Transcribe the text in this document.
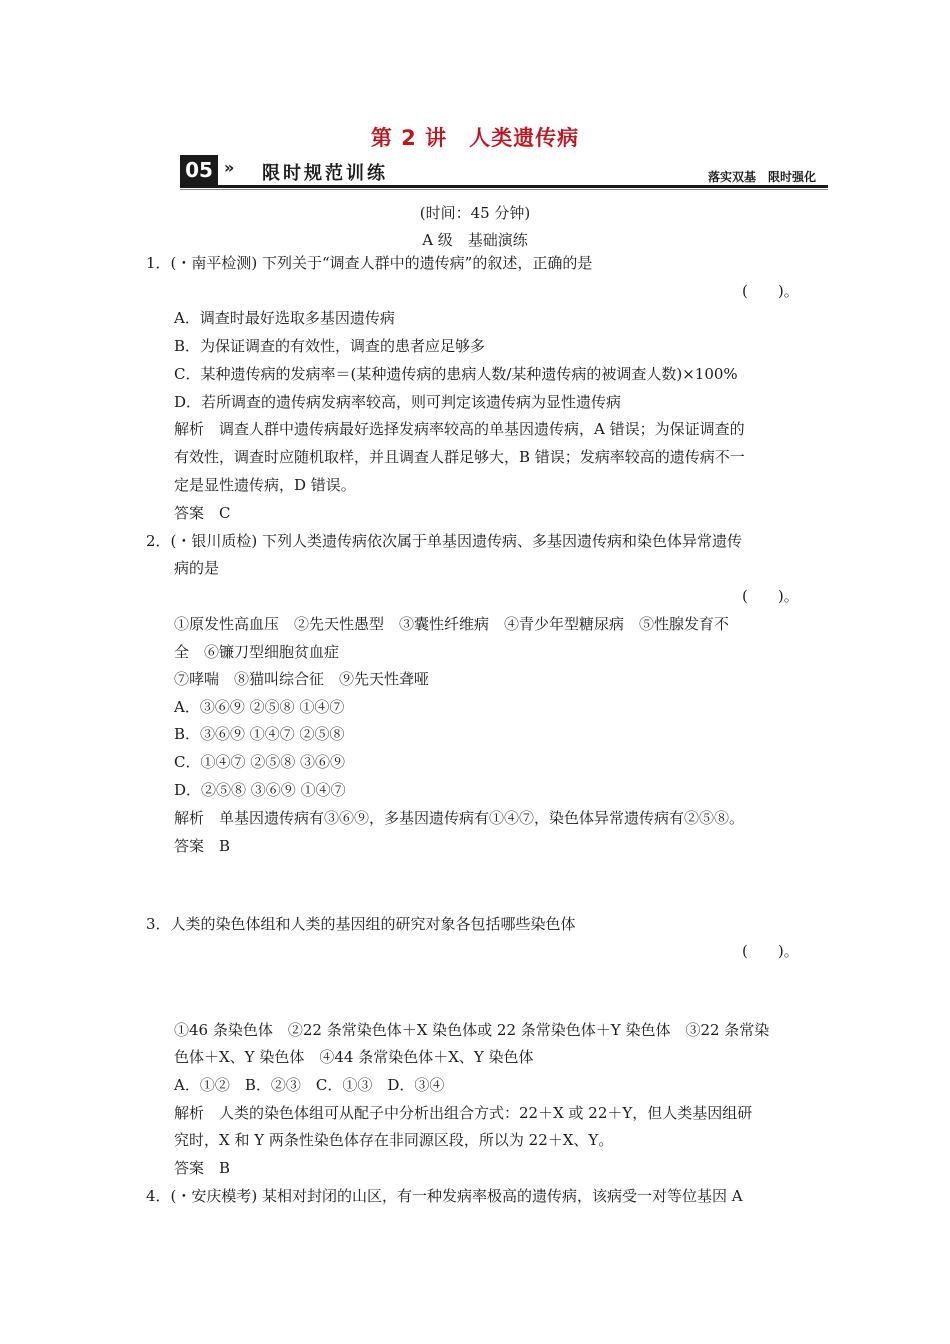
第 2 讲　人类遗传病
05 » 限时规范训练	落实双基　限时强化
(时间：45 分钟)
A 级　基础演练
1．(・南平检测) 下列关于“调查人群中的遗传病”的叙述，正确的是
(　　)。
A．调查时最好选取多基因遗传病
B．为保证调查的有效性，调查的患者应足够多
C．某种遗传病的发病率＝(某种遗传病的患病人数/某种遗传病的被调查人数)×100%
D．若所调查的遗传病发病率较高，则可判定该遗传病为显性遗传病
解析　调查人群中遗传病最好选择发病率较高的单基因遗传病，A 错误；为保证调查的
有效性，调查时应随机取样，并且调查人群足够大，B 错误；发病率较高的遗传病不一
定是显性遗传病，D 错误。
答案　C
2．(・银川质检) 下列人类遗传病依次属于单基因遗传病、多基因遗传病和染色体异常遗传
病的是
(　　)。
①原发性高血压　②先天性愚型　③囊性纤维病　④青少年型糖尿病　⑤性腺发育不
全　⑥镰刀型细胞贫血症
⑦哮喘　⑧猫叫综合征　⑨先天性聋哑
A．③⑥⑨ ②⑤⑧ ①④⑦
B．③⑥⑨ ①④⑦ ②⑤⑧
C．①④⑦ ②⑤⑧ ③⑥⑨
D．②⑤⑧ ③⑥⑨ ①④⑦
解析　单基因遗传病有③⑥⑨，多基因遗传病有①④⑦，染色体异常遗传病有②⑤⑧。
答案　B
3．人类的染色体组和人类的基因组的研究对象各包括哪些染色体
(　　)。
①46 条染色体　②22 条常染色体＋X 染色体或 22 条常染色体＋Y 染色体　③22 条常染
色体＋X、Y 染色体　④44 条常染色体＋X、Y 染色体
A．①②　B．②③　C．①③　D．③④
解析　人类的染色体组可从配子中分析出组合方式：22＋X 或 22＋Y，但人类基因组研
究时，X 和 Y 两条性染色体存在非同源区段，所以为 22＋X、Y。
答案　B
4．(・安庆模考) 某相对封闭的山区，有一种发病率极高的遗传病，该病受一对等位基因 A
